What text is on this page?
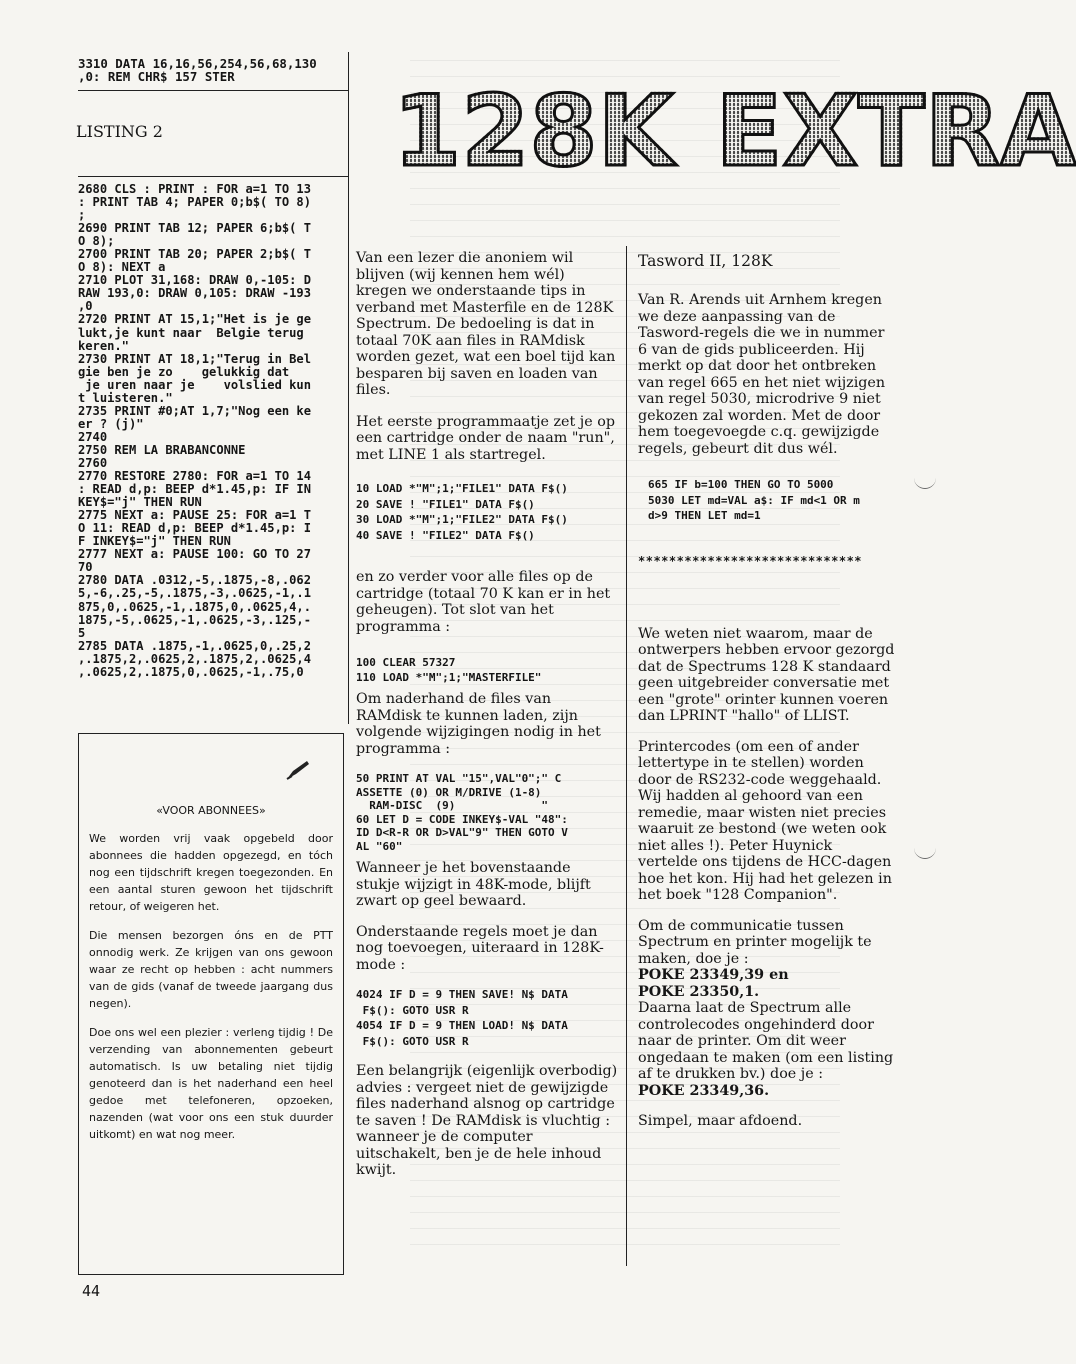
128K EXTRA
3310 DATA 16,16,56,254,56,68,130
,0: REM CHR$ 157 STER
LISTING 2
2680 CLS : PRINT : FOR a=1 TO 13
: PRINT TAB 4; PAPER 0;b$( TO 8)
;
2690 PRINT TAB 12; PAPER 6;b$( T
O 8);
2700 PRINT TAB 20; PAPER 2;b$( T
O 8): NEXT a
2710 PLOT 31,168: DRAW 0,-105: D
RAW 193,0: DRAW 0,105: DRAW -193
,0
2720 PRINT AT 15,1;"Het is je ge
lukt,je kunt naar  Belgie terug
keren."
2730 PRINT AT 18,1;"Terug in Bel
gie ben je zo    gelukkig dat
je uren naar je    volslied kun
t luisteren."
2735 PRINT #0;AT 1,7;"Nog een ke
er ? (j)"
2740
2750 REM LA BRABANCONNE
2760
2770 RESTORE 2780: FOR a=1 TO 14
: READ d,p: BEEP d*1.45,p: IF IN
KEY$="j" THEN RUN
2775 NEXT a: PAUSE 25: FOR a=1 T
O 11: READ d,p: BEEP d*1.45,p: I
F INKEY$="j" THEN RUN
2777 NEXT a: PAUSE 100: GO TO 27
70
2780 DATA .0312,-5,.1875,-8,.062
5,-6,.25,-5,.1875,-3,.0625,-1,.1
875,0,.0625,-1,.1875,0,.0625,4,.
1875,-5,.0625,-1,.0625,-3,.125,-
5
2785 DATA .1875,-1,.0625,0,.25,2
,.1875,2,.0625,2,.1875,2,.0625,4
,.0625,2,.1875,0,.0625,-1,.75,0
«VOOR ABONNEES»

We worden vrij vaak opgebeld door abonnees die hadden opgezegd, en tóch nog een tijdschrift kregen toegezonden. En een aantal sturen gewoon het tijdschrift retour, of weigeren het.

Die mensen bezorgen óns en de PTT onnodig werk. Ze krijgen van ons gewoon waar ze recht op hebben : acht nummers van de gids (vanaf de tweede jaargang dus negen).

Doe ons wel een plezier : verleng tijdig ! De verzending van abonnementen gebeurt automatisch. Is uw betaling niet tijdig genoteerd dan is het naderhand een heel gedoe met telefoneren, opzoeken, nazenden (wat voor ons een stuk duurder uitkomt) en wat nog meer.

Van een lezer die anoniem wil blijven (wij kennen hem wél) kregen we onderstaande tips in verband met Masterfile en de 128K Spectrum. De bedoeling is dat in totaal 70K aan files in RAMdisk worden gezet, wat een boel tijd kan besparen bij saven en loaden van files.

Het eerste programmaatje zet je op een cartridge onder de naam "run", met LINE 1 als startregel.

10 LOAD *"M";1;"FILE1" DATA F$()
20 SAVE ! "FILE1" DATA F$()
30 LOAD *"M";1;"FILE2" DATA F$()
40 SAVE ! "FILE2" DATA F$()

en zo verder voor alle files op de cartridge (totaal 70 K kan er in het geheugen). Tot slot van het programma :

100 CLEAR 57327
110 LOAD *"M";1;"MASTERFILE"

Om naderhand de files van RAMdisk te kunnen laden, zijn volgende wijzigingen nodig in het programma :

50 PRINT AT VAL "15",VAL"0";" C
ASSETTE (0) OR M/DRIVE (1-8)
RAM-DISC  (9)             "
60 LET D = CODE INKEY$-VAL "48":
ID D<R-R OR D>VAL"9" THEN GOTO V
AL "60"

Wanneer je het bovenstaande stukje wijzigt in 48K-mode, blijft zwart op geel bewaard.

Onderstaande regels moet je dan nog toevoegen, uiteraard in 128K-mode :

4024 IF D = 9 THEN SAVE! N$ DATA
F$(): GOTO USR R
4054 IF D = 9 THEN LOAD! N$ DATA
F$(): GOTO USR R

Een belangrijk (eigenlijk overbodig) advies : vergeet niet de gewijzigde files naderhand alsnog op cartridge te saven ! De RAMdisk is vluchtig : wanneer je de computer uitschakelt, ben je de hele inhoud kwijt.

Tasword II, 128K

Van R. Arends uit Arnhem kregen we deze aanpassing van de Tasword-regels die we in nummer 6 van de gids publiceerden. Hij merkt op dat door het ontbreken van regel 665 en het niet wijzigen van regel 5030, microdrive 9 niet gekozen zal worden. Met de door hem toegevoegde c.q. gewijzigde regels, gebeurt dit dus wél.

665 IF b=100 THEN GO TO 5000
5030 LET md=VAL a$: IF md<1 OR m
d>9 THEN LET md=1
*****************************

We weten niet waarom, maar de ontwerpers hebben ervoor gezorgd dat de Spectrums 128 K standaard geen uitgebreider conversatie met een "grote" orinter kunnen voeren dan LPRINT "hallo" of LLIST.

Printercodes (om een of ander lettertype in te stellen) worden door de RS232-code weggehaald. Wij hadden al gehoord van een remedie, maar wisten niet precies waaruit ze bestond (we weten ook niet alles !). Peter Huynick vertelde ons tijdens de HCC-dagen hoe het kon. Hij had het gelezen in het boek "128 Companion".

Om de communicatie tussen Spectrum en printer mogelijk te maken, doe je :

POKE 23349,39 en
POKE 23350,1.

Daarna laat de Spectrum alle controlecodes ongehinderd door naar de printer. Om dit weer ongedaan te maken (om een listing af te drukken bv.) doe je :

POKE 23349,36.

Simpel, maar afdoend.

44
